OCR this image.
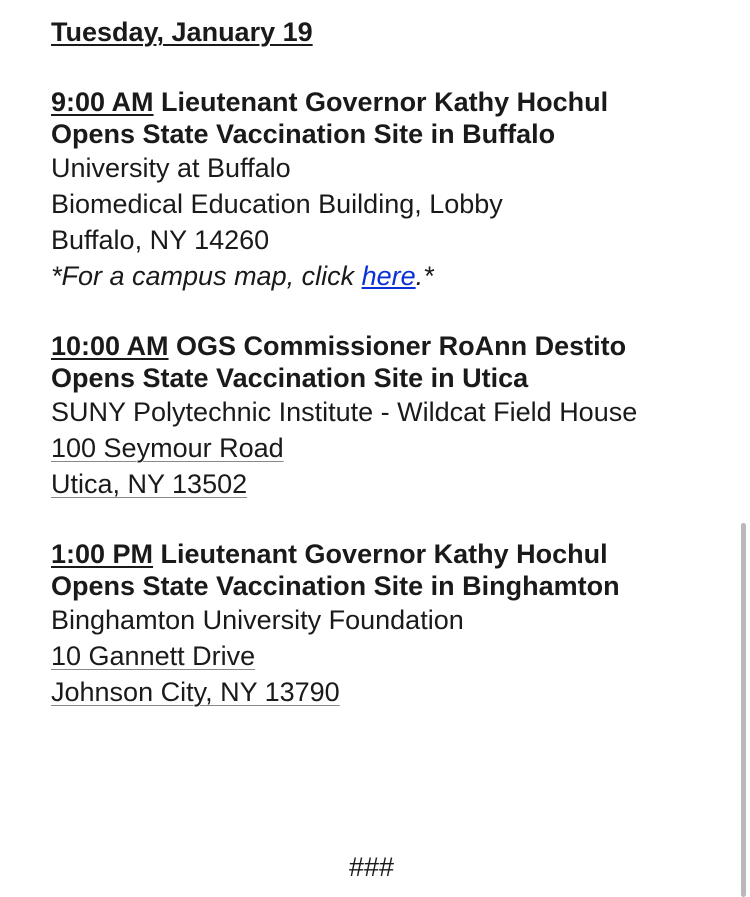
Tuesday, January 19

9:00 AM Lieutenant Governor Kathy Hochul Opens State Vaccination Site in Buffalo

University at Buffalo

Biomedical Education Building, Lobby

Buffalo, NY 14260

*For a campus map, click here.*

10:00 AM OGS Commissioner RoAnn Destito Opens State Vaccination Site in Utica

SUNY Polytechnic Institute - Wildcat Field House

100 Seymour Road

Utica, NY 13502

1:00 PM Lieutenant Governor Kathy Hochul Opens State Vaccination Site in Binghamton

Binghamton University Foundation

10 Gannett Drive

Johnson City, NY 13790

###
